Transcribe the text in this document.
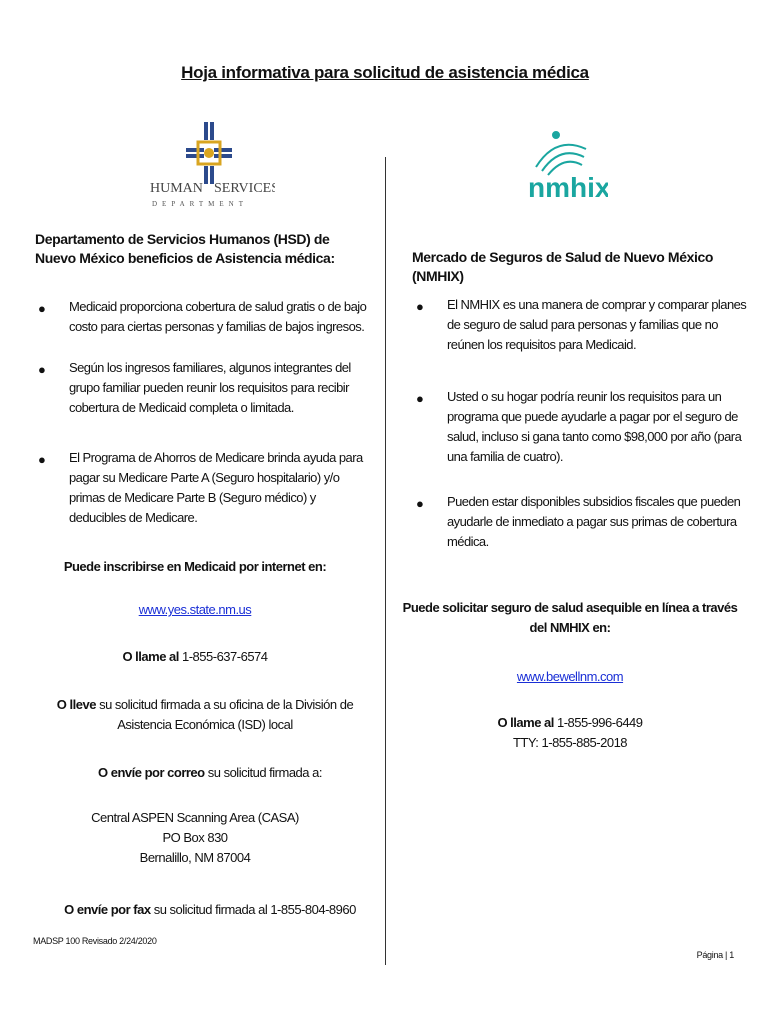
Hoja informativa para solicitud de asistencia médica
HUMAN SERVICES
DEPARTMENT
nmhix
Departamento de Servicios Humanos (HSD) de Nuevo México beneficios de Asistencia médica:
● Medicaid proporciona cobertura de salud gratis o de bajo costo para ciertas personas y familias de bajos ingresos.
● Según los ingresos familiares, algunos integrantes del grupo familiar pueden reunir los requisitos para recibir cobertura de Medicaid completa o limitada.
● El Programa de Ahorros de Medicare brinda ayuda para pagar su Medicare Parte A (Seguro hospitalario) y/o primas de Medicare Parte B (Seguro médico) y deducibles de Medicare.
Puede inscribirse en Medicaid por internet en:
www.yes.state.nm.us
O llame al 1-855-637-6574
O lleve su solicitud firmada a su oficina de la División de Asistencia Económica (ISD) local
O envíe por correo su solicitud firmada a:
Central ASPEN Scanning Area (CASA)
PO Box 830
Bernalillo, NM 87004
O envíe por fax su solicitud firmada al 1-855-804-8960
Mercado de Seguros de Salud de Nuevo México (NMHIX)
● El NMHIX es una manera de comprar y comparar planes de seguro de salud para personas y familias que no reúnen los requisitos para Medicaid.
● Usted o su hogar podría reunir los requisitos para un programa que puede ayudarle a pagar por el seguro de salud, incluso si gana tanto como $98,000 por año (para una familia de cuatro).
● Pueden estar disponibles subsidios fiscales que pueden ayudarle de inmediato a pagar sus primas de cobertura médica.
Puede solicitar seguro de salud asequible en línea a través del NMHIX en:
www.bewellnm.com
O llame al 1-855-996-6449
TTY: 1-855-885-2018
MADSP 100 Revisado 2/24/2020
Página | 1
